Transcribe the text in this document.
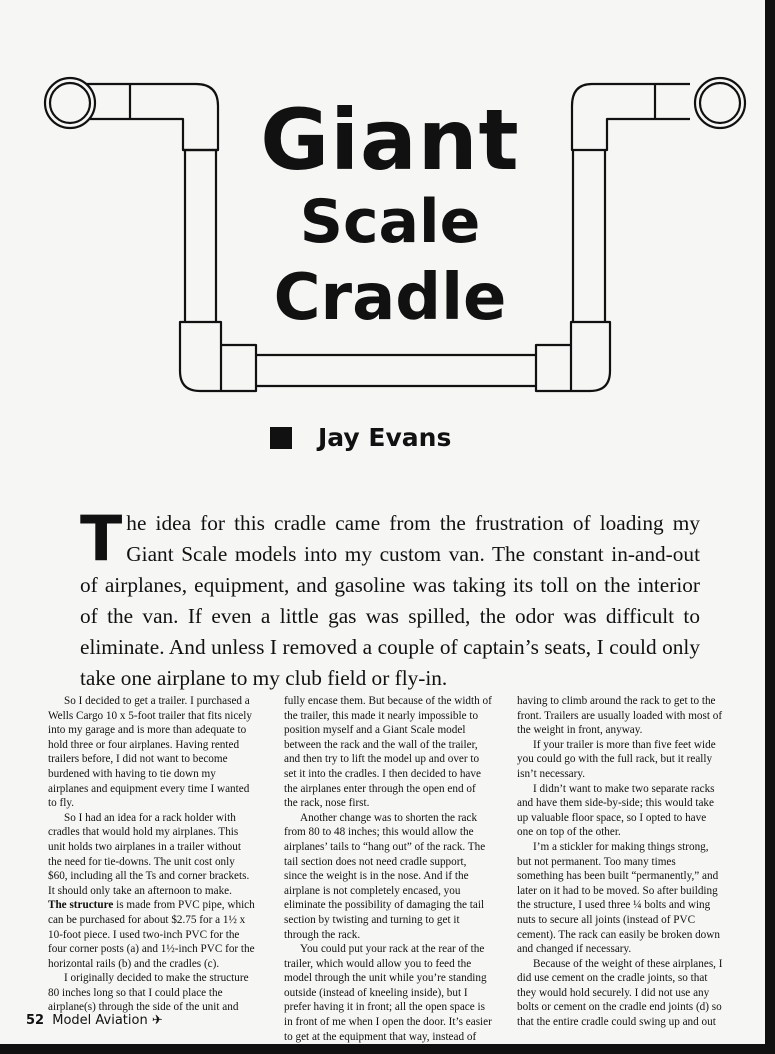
Giant
Scale
Cradle
Jay Evans

The idea for this cradle came from the frustration of loading my Giant Scale models into my custom van. The constant in-and-out of airplanes, equipment, and gasoline was taking its toll on the interior of the van. If even a little gas was spilled, the odor was difficult to eliminate. And unless I removed a couple of captain’s seats, I could only take one airplane to my club field or fly-in.

So I decided to get a trailer. I purchased a Wells Cargo 10 x 5-foot trailer that fits nicely into my garage and is more than adequate to hold three or four airplanes. Having rented trailers before, I did not want to become burdened with having to tie down my airplanes and equipment every time I wanted to fly.

So I had an idea for a rack holder with cradles that would hold my airplanes. This unit holds two airplanes in a trailer without the need for tie-downs. The unit cost only $60, including all the Ts and corner brackets. It should only take an afternoon to make.

The structure is made from PVC pipe, which can be purchased for about $2.75 for a 1½ x 10-foot piece. I used two-inch PVC for the four corner posts (a) and 1½-inch PVC for the horizontal rails (b) and the cradles (c).

I originally decided to make the structure 80 inches long so that I could place the airplane(s) through the side of the unit and

fully encase them. But because of the width of the trailer, this made it nearly impossible to position myself and a Giant Scale model between the rack and the wall of the trailer, and then try to lift the model up and over to set it into the cradles. I then decided to have the airplanes enter through the open end of the rack, nose first.

Another change was to shorten the rack from 80 to 48 inches; this would allow the airplanes’ tails to “hang out” of the rack. The tail section does not need cradle support, since the weight is in the nose. And if the airplane is not completely encased, you eliminate the possibility of damaging the tail section by twisting and turning to get it through the rack.

You could put your rack at the rear of the trailer, which would allow you to feed the model through the unit while you’re standing outside (instead of kneeling inside), but I prefer having it in front; all the open space is in front of me when I open the door. It’s easier to get at the equipment that way, instead of

having to climb around the rack to get to the front. Trailers are usually loaded with most of the weight in front, anyway.

If your trailer is more than five feet wide you could go with the full rack, but it really isn’t necessary.

I didn’t want to make two separate racks and have them side-by-side; this would take up valuable floor space, so I opted to have one on top of the other.

I’m a stickler for making things strong, but not permanent. Too many times something has been built “permanently,” and later on it had to be moved. So after building the structure, I used three ¼ bolts and wing nuts to secure all joints (instead of PVC cement). The rack can easily be broken down and changed if necessary.

Because of the weight of these airplanes, I did use cement on the cradle joints, so that they would hold securely. I did not use any bolts or cement on the cradle end joints (d) so that the entire cradle could swing up and out

52 Model Aviation ✈
